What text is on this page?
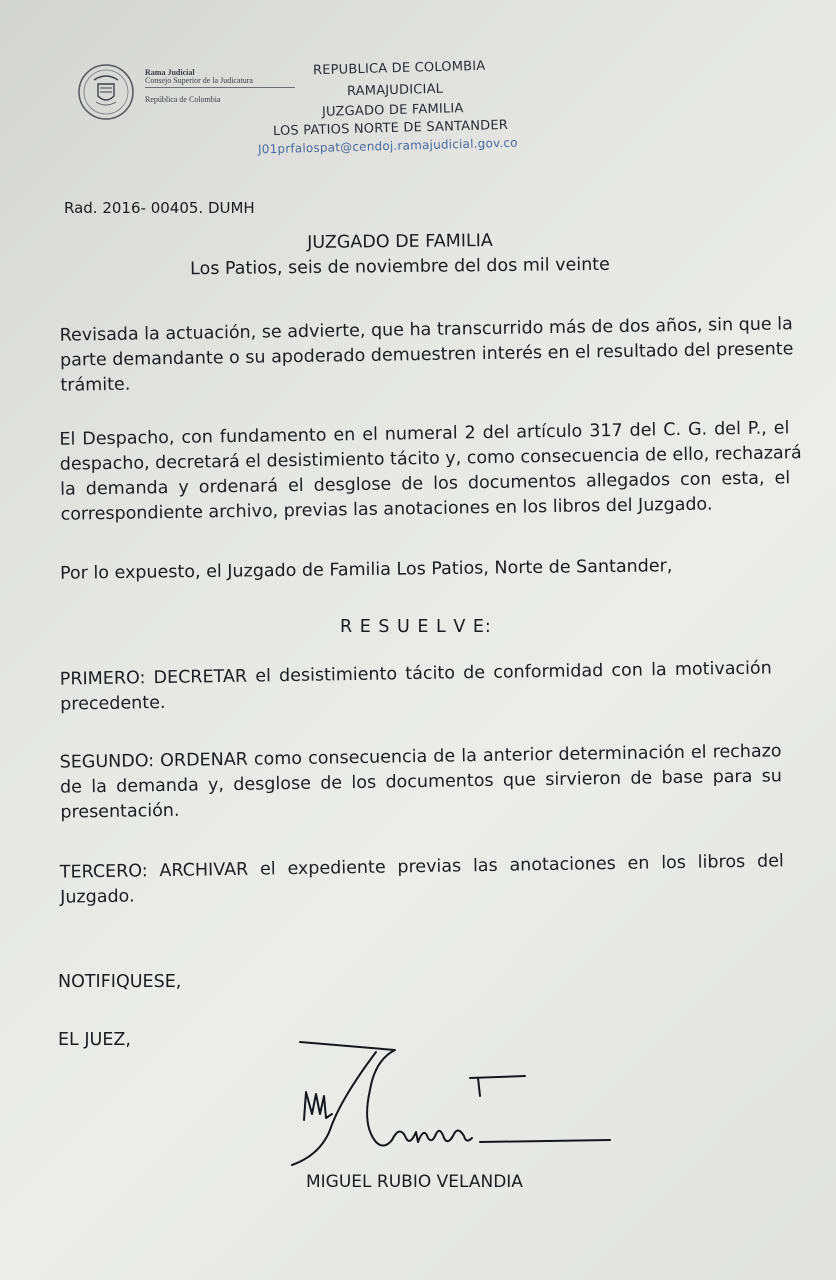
Rama Judicial
Consejo Superior de la Judicatura
República de Colombia
REPUBLICA DE COLOMBIA
RAMAJUDICIAL
JUZGADO DE FAMILIA
LOS PATIOS NORTE DE SANTANDER
J01prfalospat@cendoj.ramajudicial.gov.co
Rad. 2016- 00405. DUMH
JUZGADO DE FAMILIA
Los Patios, seis de noviembre del dos mil veinte
Revisada la actuación, se advierte, que ha transcurrido más de dos años, sin que la
parte demandante o su apoderado demuestren interés en el resultado del presente
trámite.
El Despacho, con fundamento en el numeral 2 del artículo 317 del C. G. del P., el
despacho, decretará el desistimiento tácito y, como consecuencia de ello, rechazará
la demanda y ordenará el desglose de los documentos allegados con esta, el
correspondiente archivo, previas las anotaciones en los libros del Juzgado.
Por lo expuesto, el Juzgado de Familia Los Patios, Norte de Santander,
R E S U E L V E:
PRIMERO: DECRETAR el desistimiento tácito de conformidad con la motivación
precedente.
SEGUNDO: ORDENAR como consecuencia de la anterior determinación el rechazo
de la demanda y, desglose de los documentos que sirvieron de base para su
presentación.
TERCERO: ARCHIVAR el expediente previas las anotaciones en los libros del
Juzgado.
NOTIFIQUESE,
EL JUEZ,
MIGUEL RUBIO VELANDIA
